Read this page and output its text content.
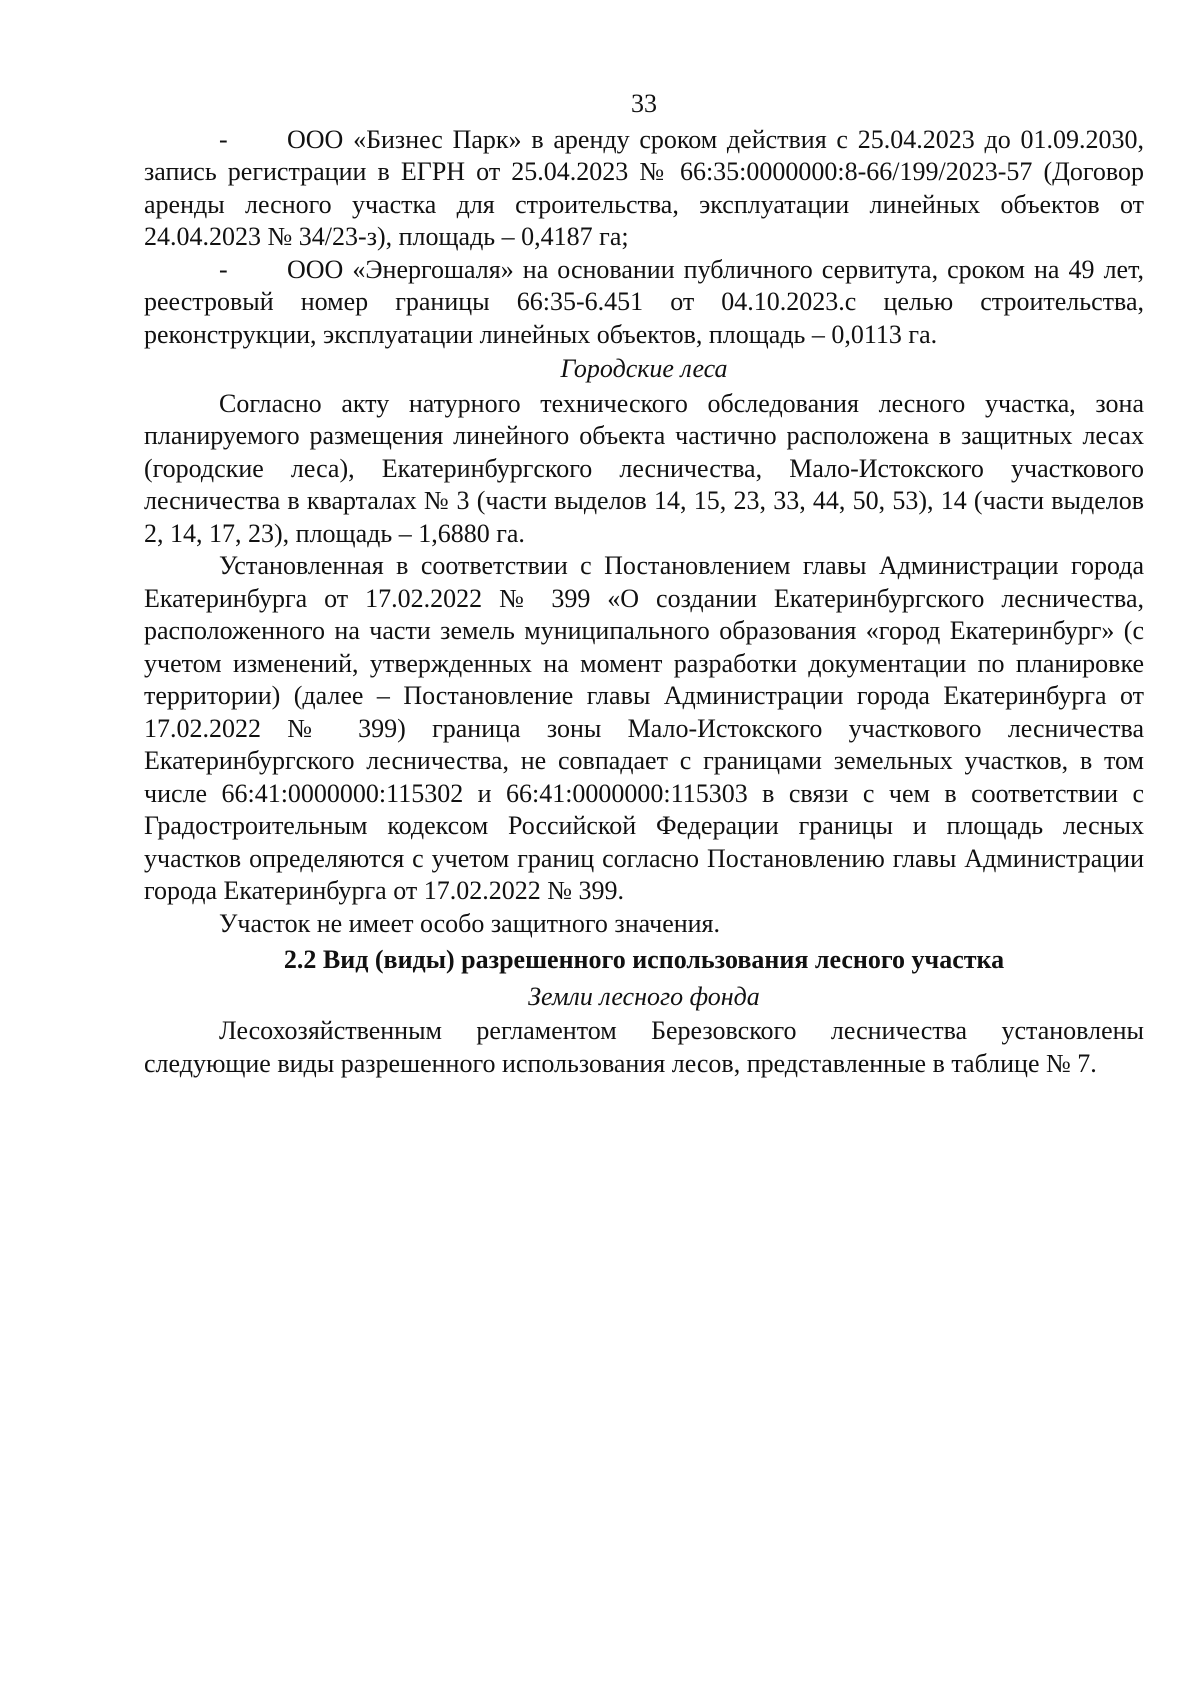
33

- ООО «Бизнес Парк» в аренду сроком действия с 25.04.2023 до 01.09.2030, запись регистрации в ЕГРН от 25.04.2023 № 66:35:0000000:8-66/199/2023-57 (Договор аренды лесного участка для строительства, эксплуатации линейных объектов от 24.04.2023 № 34/23-з), площадь – 0,4187 га;

- ООО «Энергошаля» на основании публичного сервитута, сроком на 49 лет, реестровый номер границы 66:35-6.451 от 04.10.2023.с целью строительства, реконструкции, эксплуатации линейных объектов, площадь – 0,0113 га.

Городские леса

Согласно акту натурного технического обследования лесного участка, зона планируемого размещения линейного объекта частично расположена в защитных лесах (городские леса), Екатеринбургского лесничества, Мало-Истокского участкового лесничества в кварталах № 3 (части выделов 14, 15, 23, 33, 44, 50, 53), 14 (части выделов 2, 14, 17, 23), площадь – 1,6880 га.

Установленная в соответствии с Постановлением главы Администрации города Екатеринбурга от 17.02.2022 № 399 «О создании Екатеринбургского лесничества, расположенного на части земель муниципального образования «город Екатеринбург» (с учетом изменений, утвержденных на момент разработки документации по планировке территории) (далее – Постановление главы Администрации города Екатеринбурга от 17.02.2022 № 399) граница зоны Мало-Истокского участкового лесничества Екатеринбургского лесничества, не совпадает с границами земельных участков, в том числе 66:41:0000000:115302 и 66:41:0000000:115303 в связи с чем в соответствии с Градостроительным кодексом Российской Федерации границы и площадь лесных участков определяются с учетом границ согласно Постановлению главы Администрации города Екатеринбурга от 17.02.2022 № 399.

Участок не имеет особо защитного значения.

2.2 Вид (виды) разрешенного использования лесного участка
Земли лесного фонда

Лесохозяйственным регламентом Березовского лесничества установлены следующие виды разрешенного использования лесов, представленные в таблице № 7.
